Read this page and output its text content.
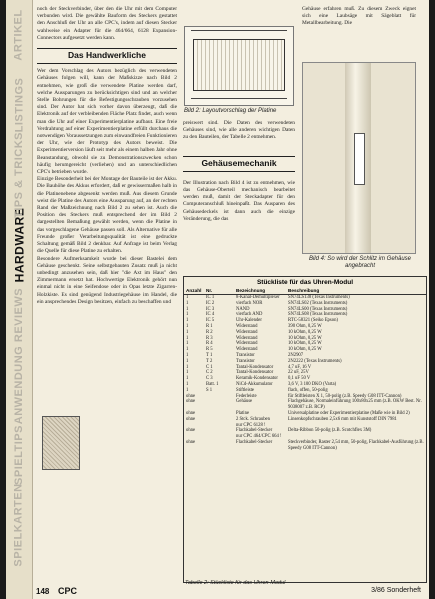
SPIELKARTEN
SPIELTIPS
ANWENDUNG
REVIEWS
HARDWARE
TIPS & TRICKS
LISTINGS
ARTIKEL

noch der Steckverbinder, über den die Uhr mit dem Computer verbunden wird. Die gewählte Bauform des Steckers gestattet den Anschluß der Uhr an alle CPC's, indem auf diesen Stecker wahlweise ein Adapter für die 464/664, 6128 Expansion-Connectors aufgesetzt werden kann.

Das Handwerkliche

Wer dem Vorschlag des Autors bezüglich des verwendeten Gehäuses folgen will, kann der Maßskizze nach Bild 2 entnehmen, wie groß die verwendete Platine werden darf, welche Aussparungen zu berücksichtigen sind und an welcher Stelle Bohrungen für die Befestigungsschrauben vorzusehen sind. Der Autor hat sich vorher davon überzeugt, daß die Elektronik auf der verbleibenden Fläche Platz findet, auch wenn man die Uhr auf einer Experimentierplatine aufbaut. Eine freie Verdrahtung auf einer Experimentierplatine erfüllt durchaus die notwendigen Voraussetzungen zum einwandfreien Funktionieren der Uhr, wie der Prototyp des Autors beweist. Die Experimentierversion läuft seit mehr als einem halben Jahr ohne Beanstandung, obwohl sie zu Demonstrationszwecken schon häufig herumgereicht (verliehen) und an unterschiedlichen CPC's betrieben wurde.

Einzige Besonderheit bei der Montage der Bauteile ist der Akku. Die Bauhöhe des Akkus erfordert, daß er gewissermaßen halb in die Platinenebene abgesenkt werden muß. Aus diesem Grunde weist die Platine des Autors eine Aussparung auf, an der rechten Rand der Maßzeichnung nach Bild 2 zu sehen ist. Auch die Position des Steckers muß entsprechend der im Bild 2 dargestellten Bemaßung gewählt werden, wenn die Platine in das vorgeschlagene Gehäuse passen soll. Als Alternative für alle Freunde großer Verarbeitungsqualität ist eine gedruckte Schaltung gemäß Bild 2 denkbar. Auf Anfrage ist beim Verlag die Quelle für diese Platine zu erhalten.

Besondere Aufmerksamkeit wurde bei dieser Bastelei dem Gehäuse geschenkt. Seine selbstgebauten Zusatz muß ja nicht unbedingt anzusehen sein, daß hier "die Axt im Haus" den Zimmermann ersetzt hat. Hochwertige Elektronik gehört nun einmal nicht in eine Seifendose oder in Opas letzte Zigarren-Holzkiste. Es sind genügend Industriegehäuse im Handel, die ein ansprechendes Design besitzen, einfach zu beschaffen und

Bild 2: Layoutvorschlag der Platine

preiswert sind. Die Daten des verwendeten Gehäuses sind, wie alle anderen wichtigen Daten zu den Bauteilen, der Tabelle 2 entnehmen.

Gehäusemechanik

Der Illustration nach Bild 4 ist zu entnehmen, wie das Gehäuse-Oberteil mechanisch bearbeitet werden muß, damit der Steckadapter für den Computeranschluß hineinpaßt. Das Ausparen des Gehäusedeckels ist dann auch die einzige Veränderung, die das

Gehäuse erfahren muß. Zu diesem Zweck eignet sich eine Laubsäge mit Sägeblatt für Metallbearbeitung. Die

Bild 4: So wird der Schlitz im Gehäuse angebracht
Stückliste für das Uhren-Modul
Anzahl Nr.	Bezeichnung	Beschreibung
1	IC 1	8-Kanal-Demultiplexer	SN74LS138 (Texas Instruments)
1	IC 2	vierfach NOR	SN74LS02 (Texas Instruments)
1	IC 3	NAND	SN74LS00 (Texas Instruments)
1	IC 4	vierfach AND	SN74LS08 (Texas Instruments)
1	IC 5	Uhr-Kalender	RTC-58321 (Seiko Epson)
1	R 1	Widerstand	390 Ohm, 0,25 W
1	R 2	Widerstand	10 kOhm, 0,25 W
1	R 3	Widerstand	10 kOhm, 0,25 W
1	R 4	Widerstand	10 kOhm, 0,25 W
1	R 5	Widerstand	10 kOhm, 0,25 W
1	T 1	Transistor	2N2907
1	T 2	Transistor	2N2222 (Texas Instruments)
1	C 1	Tantal-Kondensator	4,7 uF, 16 V
1	C 2	Tantal-Kondensator	22 uF, 25V
1	C 3	Keramik-Kondensator	0,1 uF 50 V
1	Batt. 1	NiCd-Akkumulator	3,6 V, 3 100 DKO (Varta)
1	S 1	Stiftleiste	flach, offen, 50-polig
ohne	Federleiste	für Stiftleisten X 1, 50-polig (z.B. Speedy G08 ITT-Cannon)
ohne	Gehäuse	Flachgehäuse, Normaleinführung 100x80x25 mm (z.B. OKW Best. Nr. 9038007 z.B. RCP)
ohne	Platine	Universalplatine oder Experimentierplatine (Maße wie in Bild 2)
ohne	2 Stck. Schrauben	Linsenkopfschrauben 2,5x6 mm mit Kunststoff DIN 7981
nur CPC 6128 !
ohne	Flachkabel-Stecker	Delta-Ribbon 50-polig (z.B. Scotchflex 3M)
nur CPC 464/CPC 664 !
ohne	Flachkabel-Stecker	Steckverbinder, Raster 2,54 mm, 50-polig, Flachkabel-Ausführung (z.B. Speedy G08 ITT-Cannon)
Tabelle 2: Stückliste für das Uhren-Modul
148 CPC	3/86 Sonderheft
